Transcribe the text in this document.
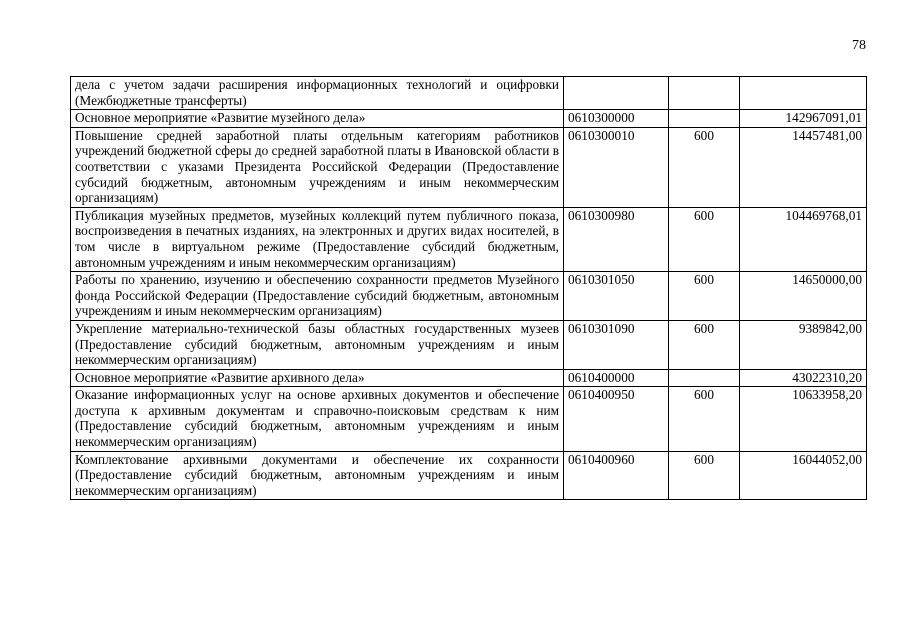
78
дела с учетом задачи расширения информационных технологий и оцифровки (Межбюджетные трансферты)			
Основное мероприятие «Развитие музейного дела»	0610300000		142967091,01
Повышение средней заработной платы отдельным категориям работников учреждений бюджетной сферы до средней заработной платы в Ивановской области в соответствии с указами Президента Российской Федерации (Предоставление субсидий бюджетным, автономным учреждениям и иным некоммерческим организациям)	0610300010	600	14457481,00
Публикация музейных предметов, музейных коллекций путем публичного показа, воспроизведения в печатных изданиях, на электронных и других видах носителей, в том числе в виртуальном режиме (Предоставление субсидий бюджетным, автономным учреждениям и иным некоммерческим организациям)	0610300980	600	104469768,01
Работы по хранению, изучению и обеспечению сохранности предметов Музейного фонда Российской Федерации (Предоставление субсидий бюджетным, автономным учреждениям и иным некоммерческим организациям)	0610301050	600	14650000,00
Укрепление материально-технической базы областных государственных музеев (Предоставление субсидий бюджетным, автономным учреждениям и иным некоммерческим организациям)	0610301090	600	9389842,00
Основное мероприятие «Развитие архивного дела»	0610400000		43022310,20
Оказание информационных услуг на основе архивных документов и обеспечение доступа к архивным документам и справочно-поисковым средствам к ним (Предоставление субсидий бюджетным, автономным учреждениям и иным некоммерческим организациям)	0610400950	600	10633958,20
Комплектование архивными документами и обеспечение их сохранности (Предоставление субсидий бюджетным, автономным учреждениям и иным некоммерческим организациям)	0610400960	600	16044052,00
